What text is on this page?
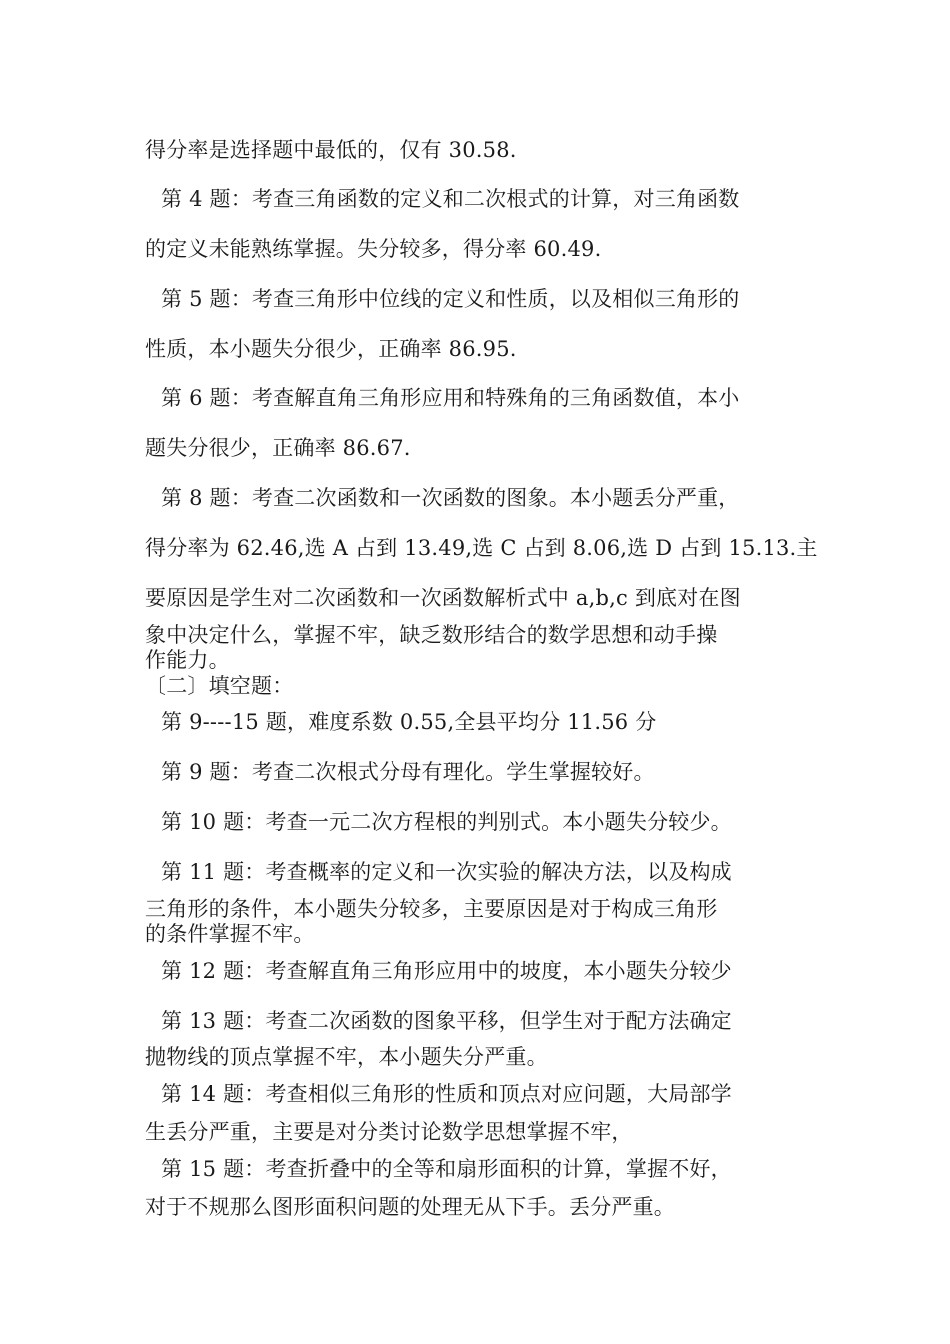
得分率是选择题中最低的，仅有 30.58.
第 4 题：考查三角函数的定义和二次根式的计算，对三角函数
的定义未能熟练掌握。失分较多，得分率 60.49.
第 5 题：考查三角形中位线的定义和性质，以及相似三角形的
性质，本小题失分很少，正确率 86.95.
第 6 题：考查解直角三角形应用和特殊角的三角函数值，本小
题失分很少，正确率 86.67.
第 8 题：考查二次函数和一次函数的图象。本小题丢分严重，
得分率为 62.46,选 A 占到 13.49,选 C 占到 8.06,选 D 占到 15.13.主
要原因是学生对二次函数和一次函数解析式中 a,b,c 到底对在图
象中决定什么，掌握不牢，缺乏数形结合的数学思想和动手操
作能力。
〔二〕填空题：
第 9----15 题，难度系数 0.55,全县平均分 11.56 分
第 9 题：考查二次根式分母有理化。学生掌握较好。
第 10 题：考查一元二次方程根的判别式。本小题失分较少。
第 11 题：考查概率的定义和一次实验的解决方法，以及构成
三角形的条件，本小题失分较多，主要原因是对于构成三角形
的条件掌握不牢。
第 12 题：考查解直角三角形应用中的坡度，本小题失分较少
第 13 题：考查二次函数的图象平移，但学生对于配方法确定
抛物线的顶点掌握不牢，本小题失分严重。
第 14 题：考查相似三角形的性质和顶点对应问题，大局部学
生丢分严重，主要是对分类讨论数学思想掌握不牢，
第 15 题：考查折叠中的全等和扇形面积的计算，掌握不好，
对于不规那么图形面积问题的处理无从下手。丢分严重。
